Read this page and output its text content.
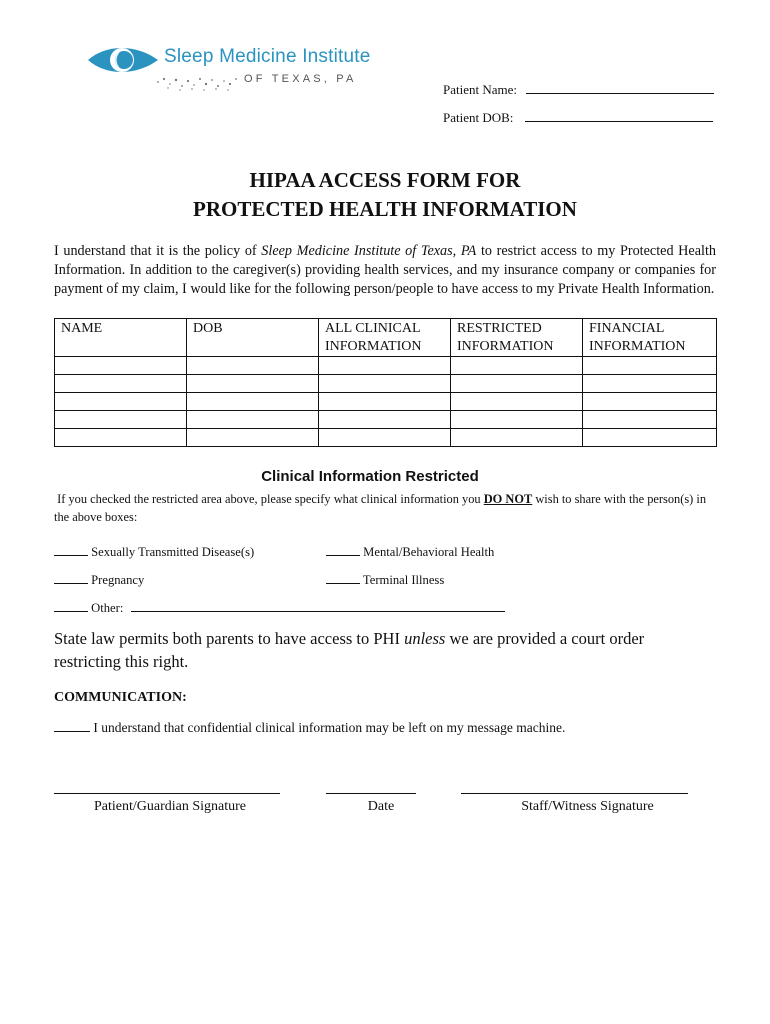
Sleep Medicine Institute
OF TEXAS, PA
Patient Name:
Patient DOB:
HIPAA ACCESS FORM FOR
PROTECTED HEALTH INFORMATION
I understand that it is the policy of Sleep Medicine Institute of Texas, PA to restrict access to my Protected Health Information. In addition to the caregiver(s) providing health services, and my insurance company or companies for payment of my claim, I would like for the following person/people to have access to my Private Health Information.
NAME	DOB	ALL CLINICAL INFORMATION	RESTRICTED INFORMATION	FINANCIAL INFORMATION

Clinical Information Restricted
If you checked the restricted area above, please specify what clinical information you DO NOT wish to share with the person(s) in the above boxes:
Sexually Transmitted Disease(s)	Mental/Behavioral Health
Pregnancy	Terminal Illness
Other:
State law permits both parents to have access to PHI unless we are provided a court order restricting this right.
COMMUNICATION:
I understand that confidential clinical information may be left on my message machine.
Patient/Guardian Signature	Date	Staff/Witness Signature
